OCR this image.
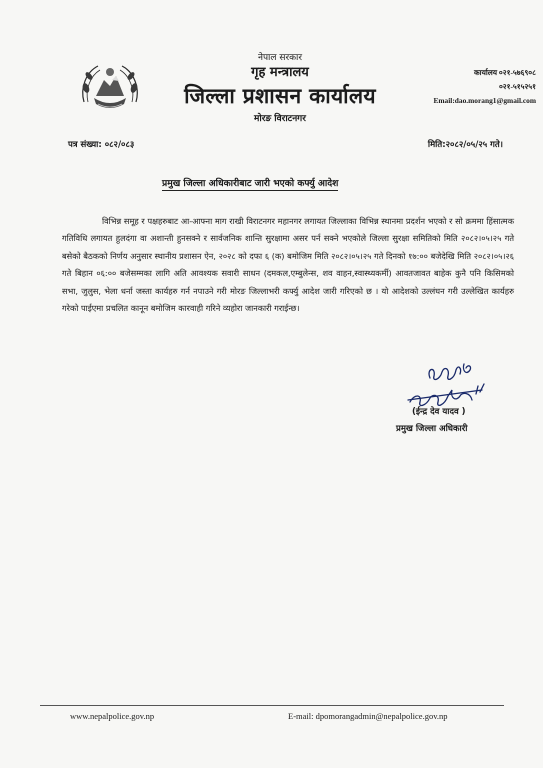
नेपाल सरकार
गृह मन्त्रालय
जिल्ला प्रशासन कार्यालय
मोरङ विराटनगर
कार्यालय ०२१-५७६९०८
०२१-५१५२५१
Email:dao.morang1@gmail.com
पत्र संख्या: ०८२/०८३	मिति:२०८२/०५/२५ गते।
प्रमुख जिल्ला अधिकारीबाट जारी भएको कर्फ्यु आदेश
विभिन्न समूह र पक्षहरुबाट आ-आफ्ना माग राखी विराटनगर महानगर लगायत जिल्लाका विभिन्न स्थानमा प्रदर्शन भएको र सो क्रममा हिंसात्मक गतिविधि लगायत हुलदंगा वा अशान्ती हुनसक्ने र सार्वजनिक शान्ति सुरक्षामा असर पर्न सक्ने भएकोले जिल्ला सुरक्षा समितिको मिति २०८२।०५।२५ गते बसेको बैठकको निर्णय अनुसार स्थानीय प्रशासन ऐन, २०२८ को दफा ६ (क) बमोजिम मिति २०८२।०५।२५ गते दिनको १७:०० बजेदेखि मिति २०८२।०५।२६ गते बिहान ०६:०० बजेसम्मका लागि अति आवश्यक सवारी साधन (दमकल,एम्बुलेन्स, शव वाहन,स्वास्थ्यकर्मी) आवतजावत बाहेक कुनै पनि किसिमको सभा, जुलुस, भेला धर्ना जस्ता कार्यहरु गर्न नपाउने गरी मोरङ जिल्लाभरी कर्फ्यु आदेश जारी गरिएको छ । यो आदेशको उल्लंघन गरी उल्लेखित कार्यहरु गरेको पाईएमा प्रचलित कानून बमोजिम कारवाही गरिने व्यहोरा जानकारी गराईन्छ।
(ईन्द्र देव यादव )
प्रमुख जिल्ला अधिकारी
www.nepalpolice.gov.np	E-mail: dpomorangadmin@nepalpolice.gov.np
